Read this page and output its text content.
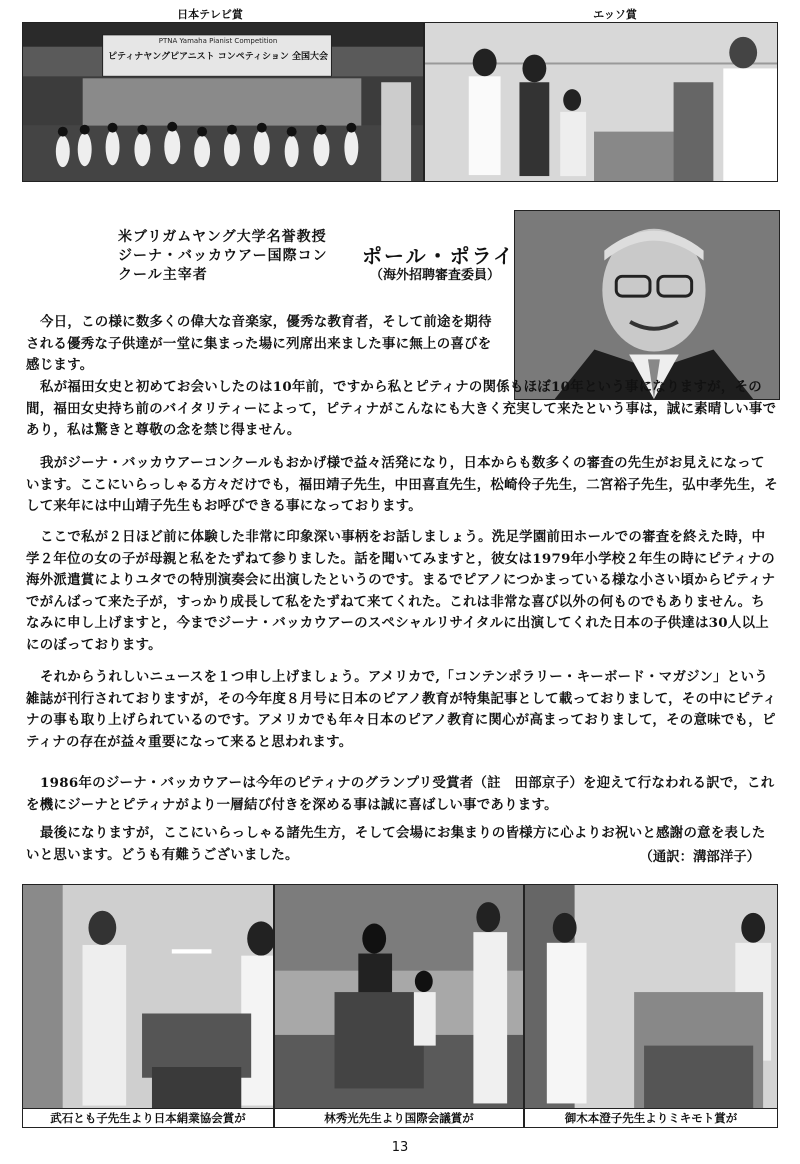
日本テレビ賞	エッソ賞
PTNA Yamaha Pianist Competition
ピティナヤングピアニスト コンペティション 全国大会
米ブリガムヤング大学名誉教授
ジーナ・バッカウアー国際コン
クール主宰者
ポール・ポライ
（海外招聘審査委員）
今日，この様に数多くの偉大な音楽家，優秀な教育者，そして前途を期待される優秀な子供達が一堂に集まった場に列席出来ました事に無上の喜びを感じます。
私が福田女史と初めてお会いしたのは10年前，ですから私とピティナの関係もほぼ10年という事になりますが，その間，福田女史持ち前のバイタリティーによって，ピティナがこんなにも大きく充実して来たという事は，誠に素晴しい事であり，私は驚きと尊敬の念を禁じ得ません。
我がジーナ・バッカウアーコンクールもおかげ様で益々活発になり，日本からも数多くの審査の先生がお見えになっています。ここにいらっしゃる方々だけでも，福田靖子先生，中田喜直先生，松崎伶子先生，二宮裕子先生，弘中孝先生，そして来年には中山靖子先生もお呼びできる事になっております。
ここで私が２日ほど前に体験した非常に印象深い事柄をお話しましょう。洗足学園前田ホールでの審査を終えた時，中学２年位の女の子が母親と私をたずねて参りました。話を聞いてみますと，彼女は1979年小学校２年生の時にピティナの海外派遣賞によりユタでの特別演奏会に出演したというのです。まるでピアノにつかまっている様な小さい頃からピティナでがんばって来た子が，すっかり成長して私をたずねて来てくれた。これは非常な喜び以外の何ものでもありません。ちなみに申し上げますと，今までジーナ・バッカウアーのスペシャルリサイタルに出演してくれた日本の子供達は30人以上にのぼっております。
それからうれしいニュースを１つ申し上げましょう。アメリカで,「コンテンポラリー・キーボード・マガジン」という雑誌が刊行されておりますが，その今年度８月号に日本のピアノ教育が特集記事として載っておりまして，その中にピティナの事も取り上げられているのです。アメリカでも年々日本のピアノ教育に関心が高まっておりまして，その意味でも，ピティナの存在が益々重要になって来ると思われます。
1986年のジーナ・バッカウアーは今年のピティナのグランプリ受賞者（註　田部京子）を迎えて行なわれる訳で，これを機にジーナとピティナがより一層結び付きを深める事は誠に喜ばしい事であります。
最後になりますが，ここにいらっしゃる諸先生方，そして会場にお集まりの皆様方に心よりお祝いと感謝の意を表したいと思います。どうも有難うございました。	（通訳：溝部洋子）
武石とも子先生より日本絹業協会賞が	林秀光先生より国際会議賞が	御木本澄子先生よりミキモト賞が
13
